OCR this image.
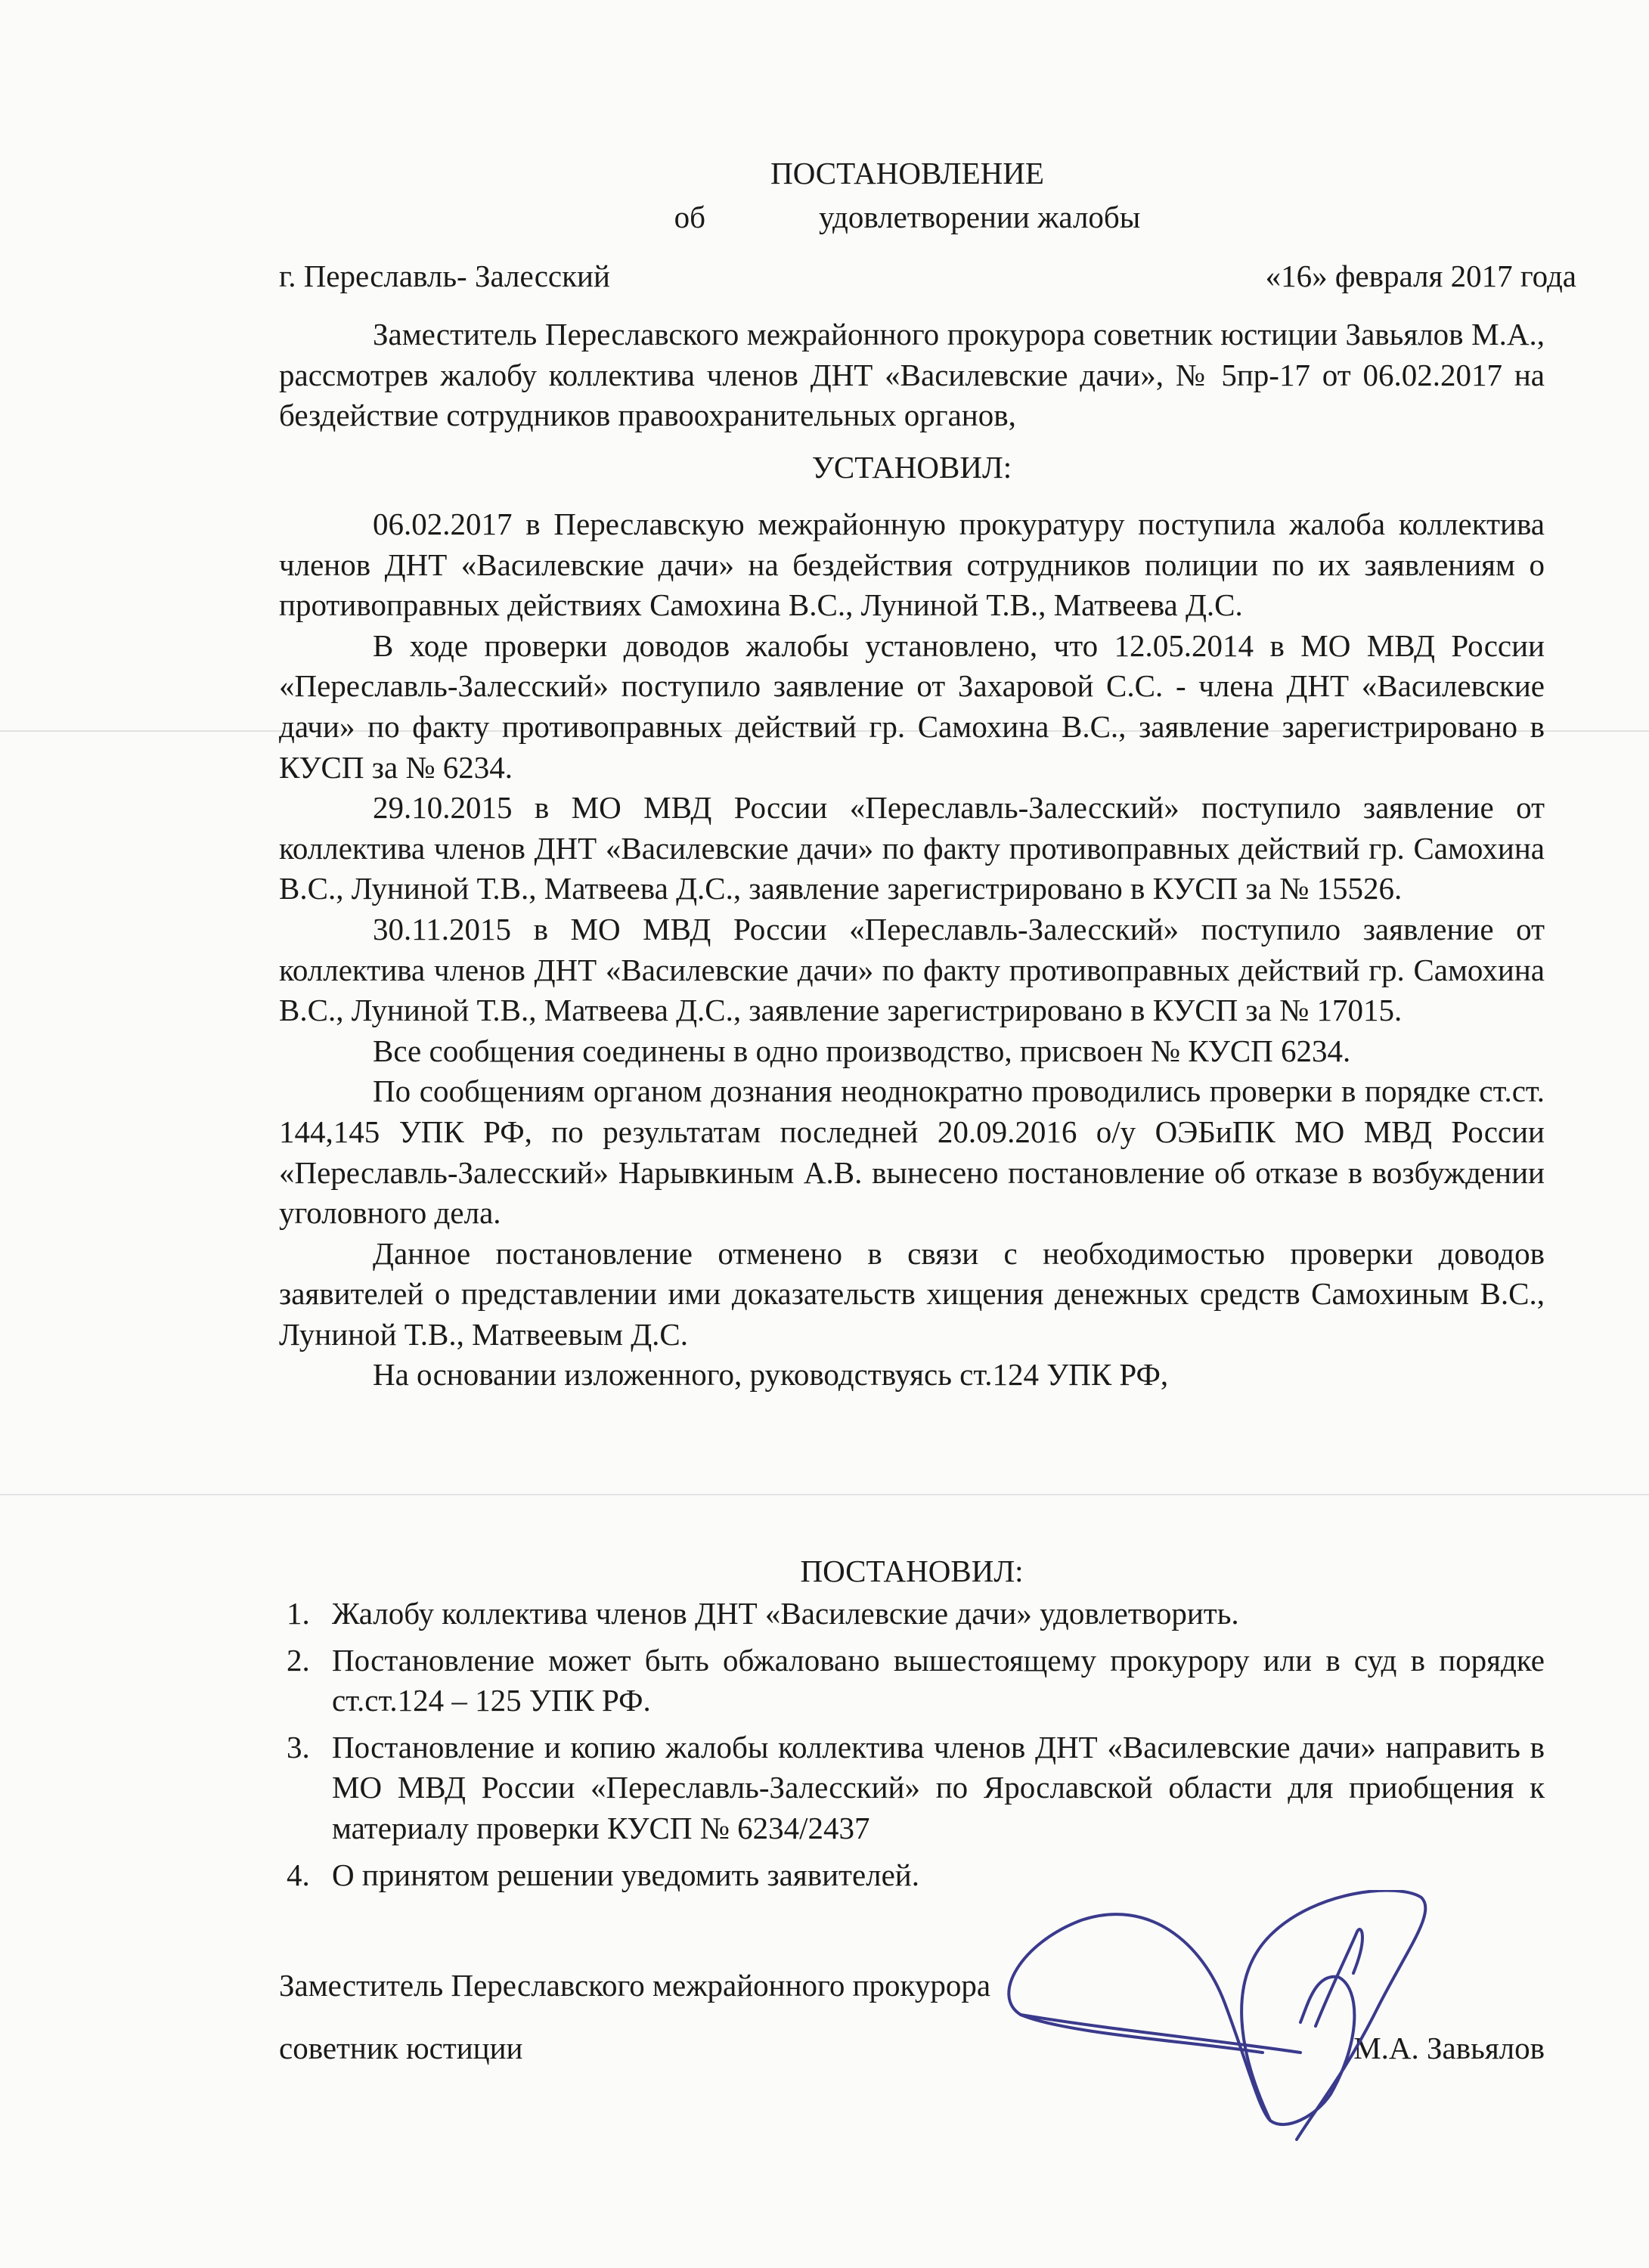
ПОСТАНОВЛЕНИЕ
об	удовлетворении жалобы
г. Переславль- Залесский	«16» февраля 2017 года

Заместитель Переславского межрайонного прокурора советник юстиции Завьялов М.А., рассмотрев жалобу коллектива членов ДНТ «Василевские дачи», № 5пр-17 от 06.02.2017 на бездействие сотрудников правоохранительных органов,

УСТАНОВИЛ:

06.02.2017 в Переславскую межрайонную прокуратуру поступила жалоба коллектива членов ДНТ «Василевские дачи» на бездействия сотрудников полиции по их заявлениям о противоправных действиях Самохина В.С., Луниной Т.В., Матвеева Д.С.

В ходе проверки доводов жалобы установлено, что 12.05.2014 в МО МВД России «Переславль-Залесский» поступило заявление от Захаровой С.С. - члена ДНТ «Василевские дачи» по факту противоправных действий гр. Самохина В.С., заявление зарегистрировано в КУСП за № 6234.

29.10.2015 в МО МВД России «Переславль-Залесский» поступило заявление от коллектива членов ДНТ «Василевские дачи» по факту противоправных действий гр. Самохина В.С., Луниной Т.В., Матвеева Д.С., заявление зарегистрировано в КУСП за № 15526.

30.11.2015 в МО МВД России «Переславль-Залесский» поступило заявление от коллектива членов ДНТ «Василевские дачи» по факту противоправных действий гр. Самохина В.С., Луниной Т.В., Матвеева Д.С., заявление зарегистрировано в КУСП за № 17015.

Все сообщения соединены в одно производство, присвоен № КУСП 6234.

По сообщениям органом дознания неоднократно проводились проверки в порядке ст.ст. 144,145 УПК РФ, по результатам последней 20.09.2016 о/у ОЭБиПК МО МВД России «Переславль-Залесский» Нарывкиным А.В. вынесено постановление об отказе в возбуждении уголовного дела.

Данное постановление отменено в связи с необходимостью проверки доводов заявителей о представлении ими доказательств хищения денежных средств Самохиным В.С., Луниной Т.В., Матвеевым Д.С.

На основании изложенного, руководствуясь ст.124 УПК РФ,

ПОСТАНОВИЛ:
1. Жалобу коллектива членов ДНТ «Василевские дачи» удовлетворить.
2. Постановление может быть обжаловано вышестоящему прокурору или в суд в порядке ст.ст.124 – 125 УПК РФ.
3. Постановление и копию жалобы коллектива членов ДНТ «Василевские дачи» направить в МО МВД России «Переславль-Залесский» по Ярославской области для приобщения к материалу проверки КУСП № 6234/2437
4. О принятом решении уведомить заявителей.
Заместитель Переславского межрайонного прокурора
советник юстиции	М.А. Завьялов
